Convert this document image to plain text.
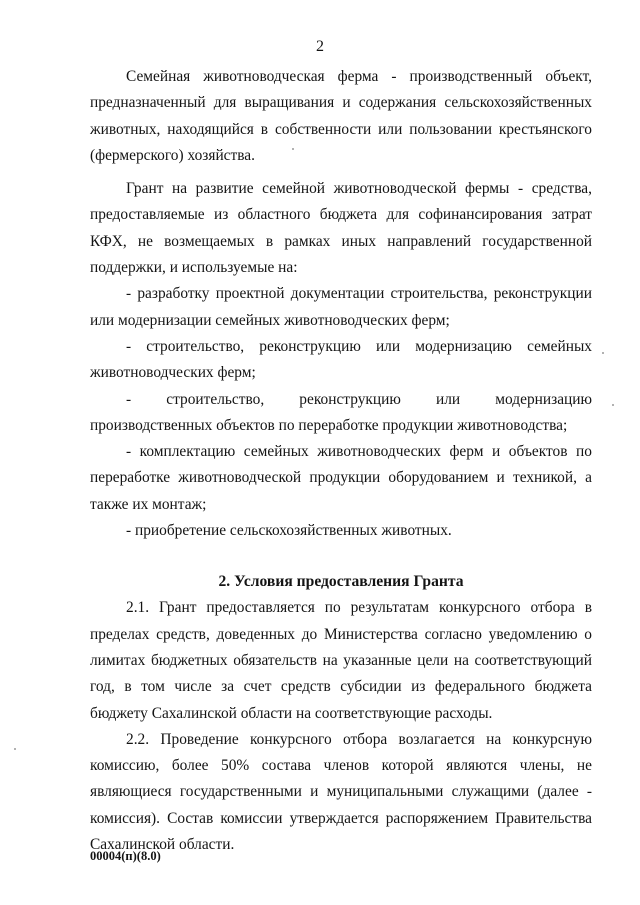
2

Семейная животноводческая ферма - производственный объект, предназначенный для выращивания и содержания сельскохозяйственных животных, находящийся в собственности или пользовании крестьянского (фермерского) хозяйства.

Грант на развитие семейной животноводческой фермы - средства, предоставляемые из областного бюджета для софинансирования затрат КФХ, не возмещаемых в рамках иных направлений государственной поддержки, и используемые на:

- разработку проектной документации строительства, реконструкции или модернизации семейных животноводческих ферм;

- строительство, реконструкцию или модернизацию семейных животноводческих ферм;

- строительство, реконструкцию или модернизацию производственных объектов по переработке продукции животноводства;

- комплектацию семейных животноводческих ферм и объектов по переработке животноводческой продукции оборудованием и техникой, а также их монтаж;

- приобретение сельскохозяйственных животных.

2. Условия предоставления Гранта

2.1. Грант предоставляется по результатам конкурсного отбора в пределах средств, доведенных до Министерства согласно уведомлению о лимитах бюджетных обязательств на указанные цели на соответствующий год, в том числе за счет средств субсидии из федерального бюджета бюджету Сахалинской области на соответствующие расходы.

2.2. Проведение конкурсного отбора возлагается на конкурсную комиссию, более 50% состава членов которой являются члены, не являющиеся государственными и муниципальными служащими (далее - комиссия). Состав комиссии утверждается распоряжением Правительства Сахалинской области.

00004(п)(8.0)
